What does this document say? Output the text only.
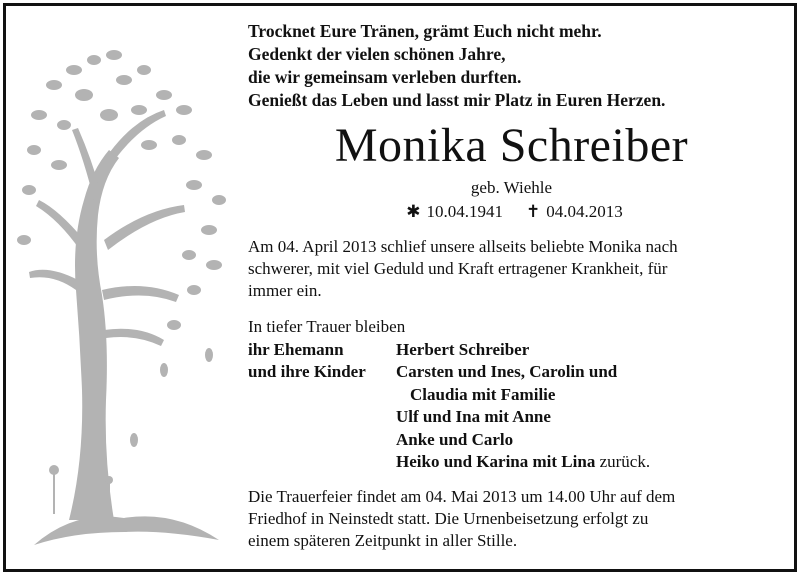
Trocknet Eure Tränen, grämt Euch nicht mehr.
Gedenkt der vielen schönen Jahre,
die wir gemeinsam verleben durften.
Genießt das Leben und lasst mir Platz in Euren Herzen.
Monika Schreiber
geb. Wiehle
✱ 10.04.1941 ✝ 04.04.2013
Am 04. April 2013 schlief unsere allseits beliebte Monika nach
schwerer, mit viel Geduld und Kraft ertragener Krankheit, für
immer ein.
In tiefer Trauer bleiben
ihr Ehemann	Herbert Schreiber
und ihre Kinder	Carsten und Ines, Carolin und
Claudia mit Familie
Ulf und Ina mit Anne
Anke und Carlo
Heiko und Karina mit Lina zurück.
Die Trauerfeier findet am 04. Mai 2013 um 14.00 Uhr auf dem
Friedhof in Neinstedt statt. Die Urnenbeisetzung erfolgt zu
einem späteren Zeitpunkt in aller Stille.
